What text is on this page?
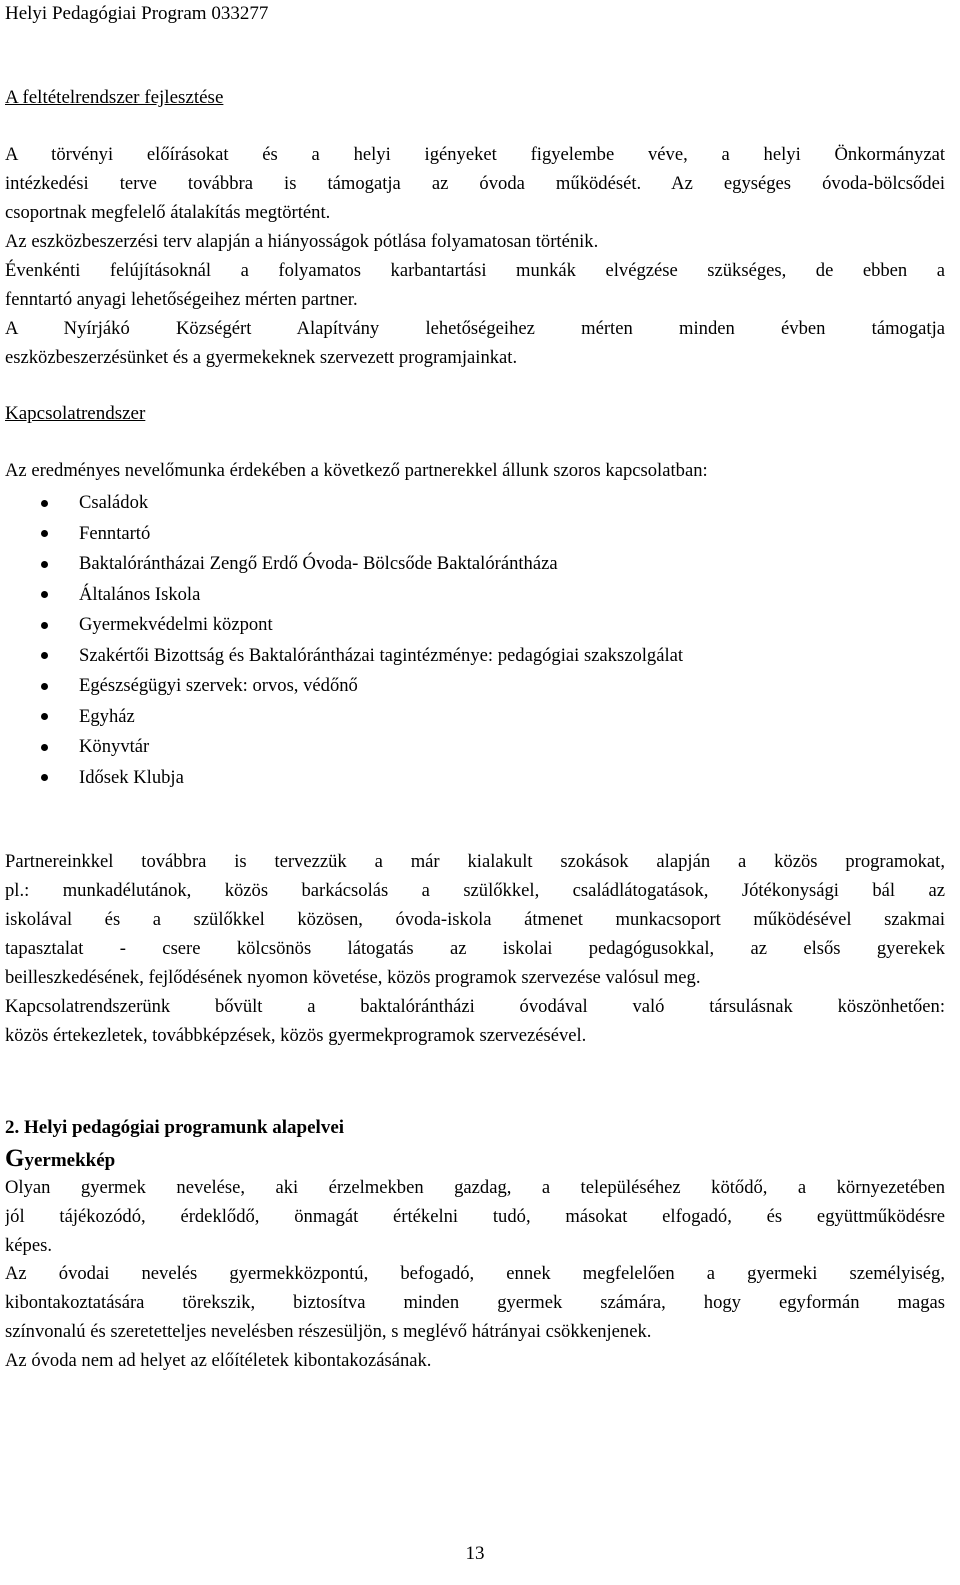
Helyi Pedagógiai Program 033277
A feltételrendszer fejlesztése
A törvényi előírásokat és a helyi igényeket figyelembe véve, a helyi Önkormányzat
intézkedési terve továbbra is támogatja az óvoda működését. Az egységes óvoda-bölcsődei
csoportnak megfelelő átalakítás megtörtént.
Az eszközbeszerzési terv alapján a hiányosságok pótlása folyamatosan történik.
Évenkénti felújításoknál a folyamatos karbantartási munkák elvégzése szükséges, de ebben a
fenntartó anyagi lehetőségeihez mérten partner.
A Nyírjákó Községért Alapítvány lehetőségeihez mérten minden évben támogatja
eszközbeszerzésünket és a gyermekeknek szervezett programjainkat.
Kapcsolatrendszer
Az eredményes nevelőmunka érdekében a következő partnerekkel állunk szoros kapcsolatban:
Családok
Fenntartó
Baktalórántházai Zengő Erdő Óvoda- Bölcsőde Baktalórántháza
Általános Iskola
Gyermekvédelmi központ
Szakértői Bizottság és Baktalórántházai tagintézménye: pedagógiai szakszolgálat
Egészségügyi szervek: orvos, védőnő
Egyház
Könyvtár
Idősek Klubja
Partnereinkkel továbbra is tervezzük a már kialakult szokások alapján a közös programokat,
pl.: munkadélutánok, közös barkácsolás a szülőkkel, családlátogatások, Jótékonysági bál az
iskolával és a szülőkkel közösen, óvoda-iskola átmenet munkacsoport működésével szakmai
tapasztalat - csere kölcsönös látogatás az iskolai pedagógusokkal, az elsős gyerekek
beilleszkedésének, fejlődésének nyomon követése, közös programok szervezése valósul meg.
Kapcsolatrendszerünk bővült a baktalórántházi óvodával való társulásnak köszönhetően:
közös értekezletek, továbbképzések, közös gyermekprogramok szervezésével.
2. Helyi pedagógiai programunk alapelvei
Gyermekkép
Olyan gyermek nevelése, aki érzelmekben gazdag, a településéhez kötődő, a környezetében
jól tájékozódó, érdeklődő, önmagát értékelni tudó, másokat elfogadó, és együttműködésre
képes.
Az óvodai nevelés gyermekközpontú, befogadó, ennek megfelelően a gyermeki személyiség,
kibontakoztatására törekszik, biztosítva minden gyermek számára, hogy egyformán magas
színvonalú és szeretetteljes nevelésben részesüljön, s meglévő hátrányai csökkenjenek.
Az óvoda nem ad helyet az előítéletek kibontakozásának.
13
